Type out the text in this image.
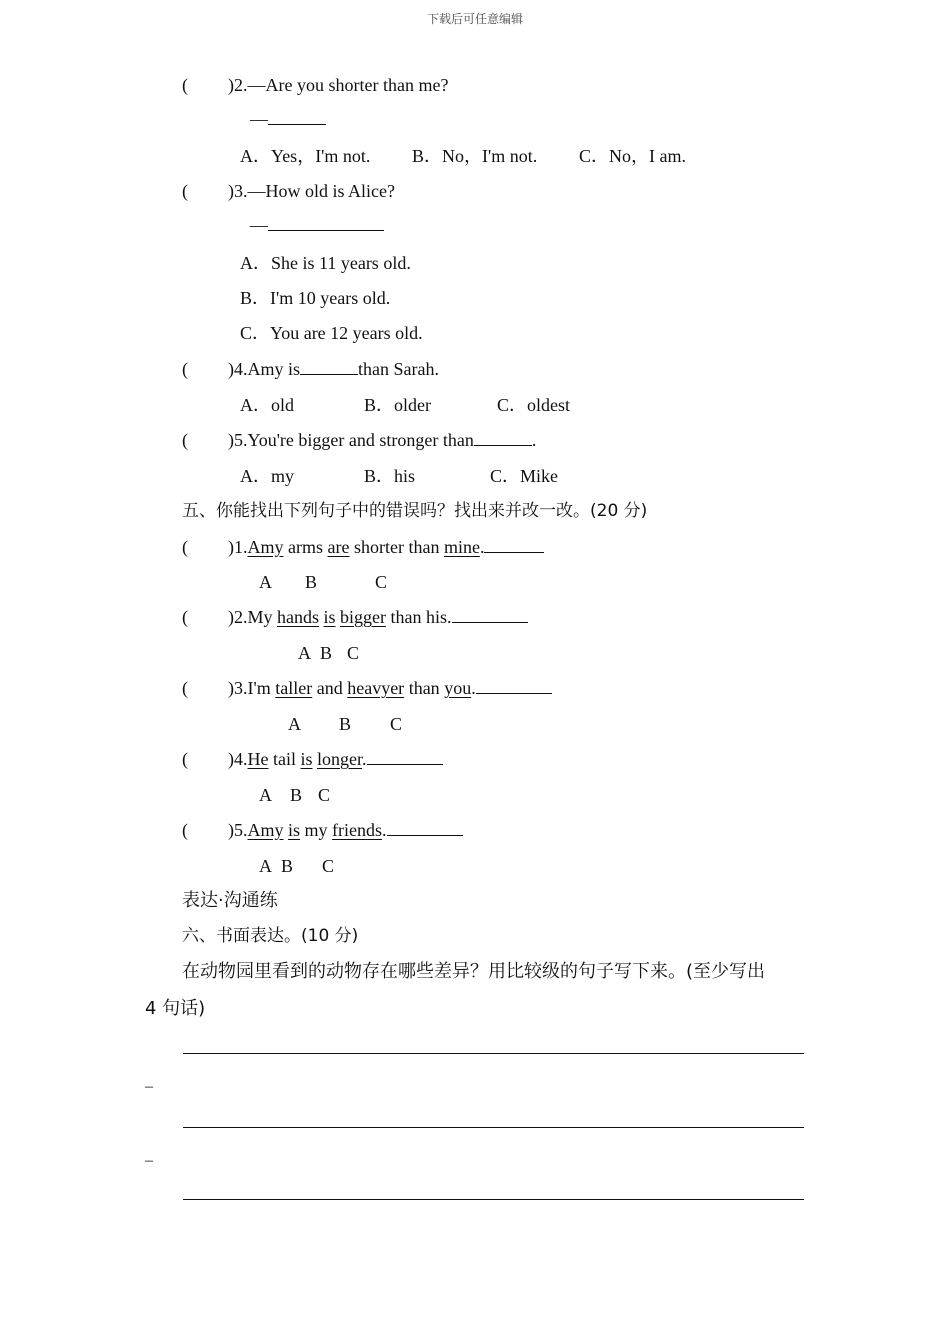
下载后可任意编辑
( )2.—Are you shorter than me?
—
A．Yes，I'm not. B．No，I'm not. C．No，I am.
( )3.—How old is Alice?
—
A．She is 11 years old.
B．I'm 10 years old.
C．You are 12 years old.
( )4.Amy is	than Sarah.
A．old	B．older	C．oldest
( )5.You're bigger and stronger than	.
A．my	B．his	C．Mike
五、你能找出下列句子中的错误吗？找出来并改一改。(20 分)
( )1.Amy arms are shorter than mine.
A B	C
( )2.My hands is bigger than his.
A B C
( )3.I'm taller and heavyer than you.
A B C
( )4.He tail is longer.
A B C
( )5.Amy is my friends.
A B C
表达·沟通练
六、书面表达。(10 分)
在动物园里看到的动物存在哪些差异？用比较级的句子写下来。(至少写出
4 句话)
–
–
